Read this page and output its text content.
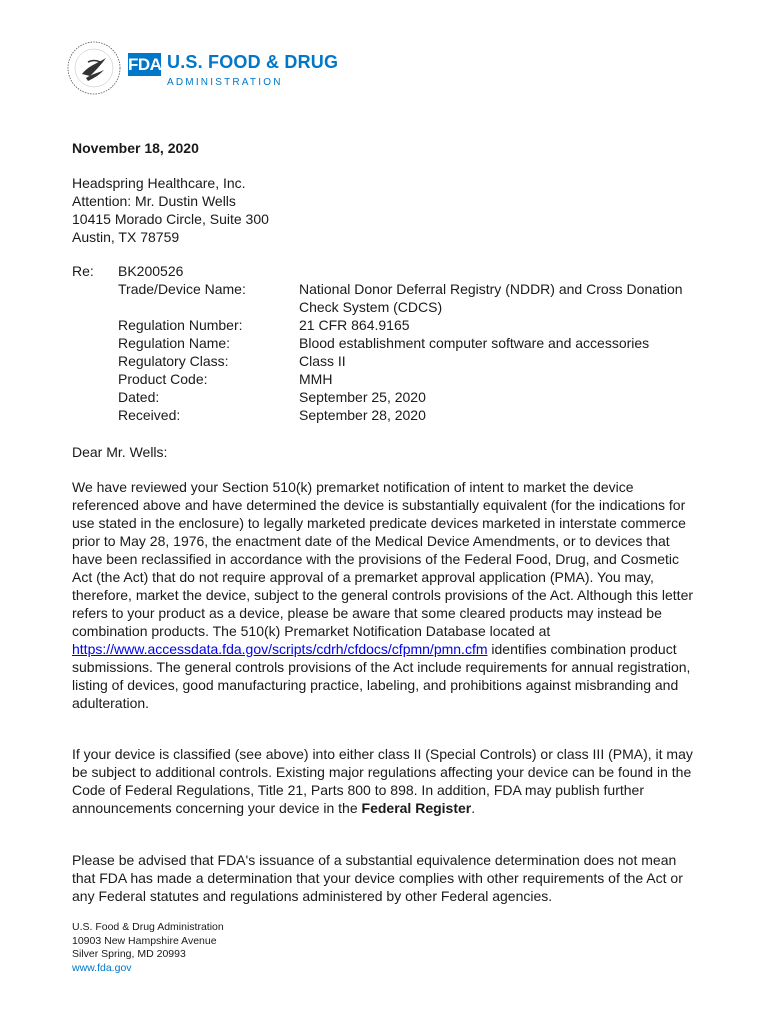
FDA U.S. FOOD & DRUG
ADMINISTRATION
November 18, 2020
Headspring Healthcare, Inc.
Attention: Mr. Dustin Wells
10415 Morado Circle, Suite 300
Austin, TX 78759
Re: BK200526
Trade/Device Name:	National Donor Deferral Registry (NDDR) and Cross Donation Check System (CDCS)
Regulation Number:	21 CFR 864.9165
Regulation Name:	Blood establishment computer software and accessories
Regulatory Class:	Class II
Product Code:	MMH
Dated:	September 25, 2020
Received:	September 28, 2020
Dear Mr. Wells:
We have reviewed your Section 510(k) premarket notification of intent to market the device referenced above and have determined the device is substantially equivalent (for the indications for use stated in the enclosure) to legally marketed predicate devices marketed in interstate commerce prior to May 28, 1976, the enactment date of the Medical Device Amendments, or to devices that have been reclassified in accordance with the provisions of the Federal Food, Drug, and Cosmetic Act (the Act) that do not require approval of a premarket approval application (PMA). You may, therefore, market the device, subject to the general controls provisions of the Act. Although this letter refers to your product as a device, please be aware that some cleared products may instead be combination products. The 510(k) Premarket Notification Database located at https://www.accessdata.fda.gov/scripts/cdrh/cfdocs/cfpmn/pmn.cfm identifies combination product submissions. The general controls provisions of the Act include requirements for annual registration, listing of devices, good manufacturing practice, labeling, and prohibitions against misbranding and adulteration.
If your device is classified (see above) into either class II (Special Controls) or class III (PMA), it may be subject to additional controls. Existing major regulations affecting your device can be found in the Code of Federal Regulations, Title 21, Parts 800 to 898. In addition, FDA may publish further announcements concerning your device in the Federal Register.
Please be advised that FDA's issuance of a substantial equivalence determination does not mean that FDA has made a determination that your device complies with other requirements of the Act or any Federal statutes and regulations administered by other Federal agencies.
U.S. Food & Drug Administration
10903 New Hampshire Avenue
Silver Spring, MD 20993
www.fda.gov
